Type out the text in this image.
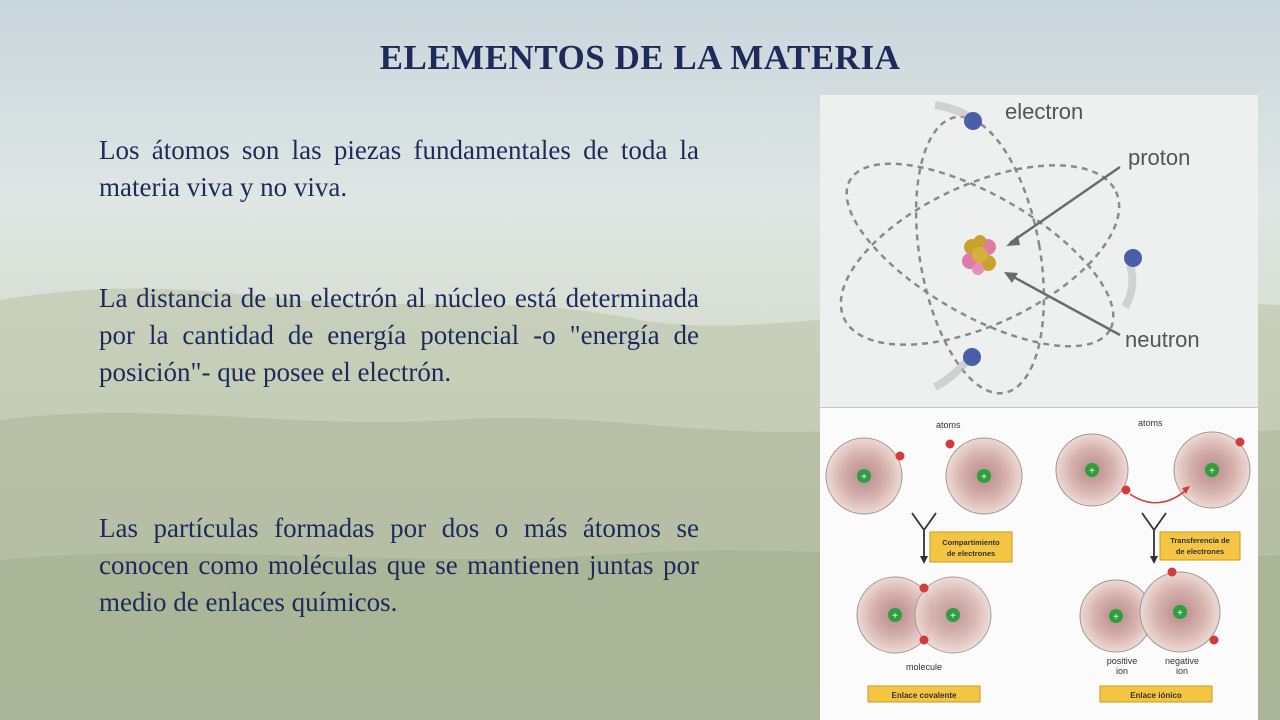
ELEMENTOS DE LA MATERIA

Los átomos son las piezas fundamentales de toda la materia viva y no viva.

La distancia de un electrón al núcleo está determinada por la cantidad de energía potencial -o "energía de posición"- que posee el electrón.

Las partículas formadas por dos o más átomos se conocen como moléculas que se mantienen juntas por medio de enlaces químicos.

electron
proton
neutron
atoms
+	+
Compartimiento
de electrones
+	+
molecule
Enlace covalente
atoms
+	+
Transferencia de
de electrones
+	+
positive
ion
negative
ion
Enlace iónico
